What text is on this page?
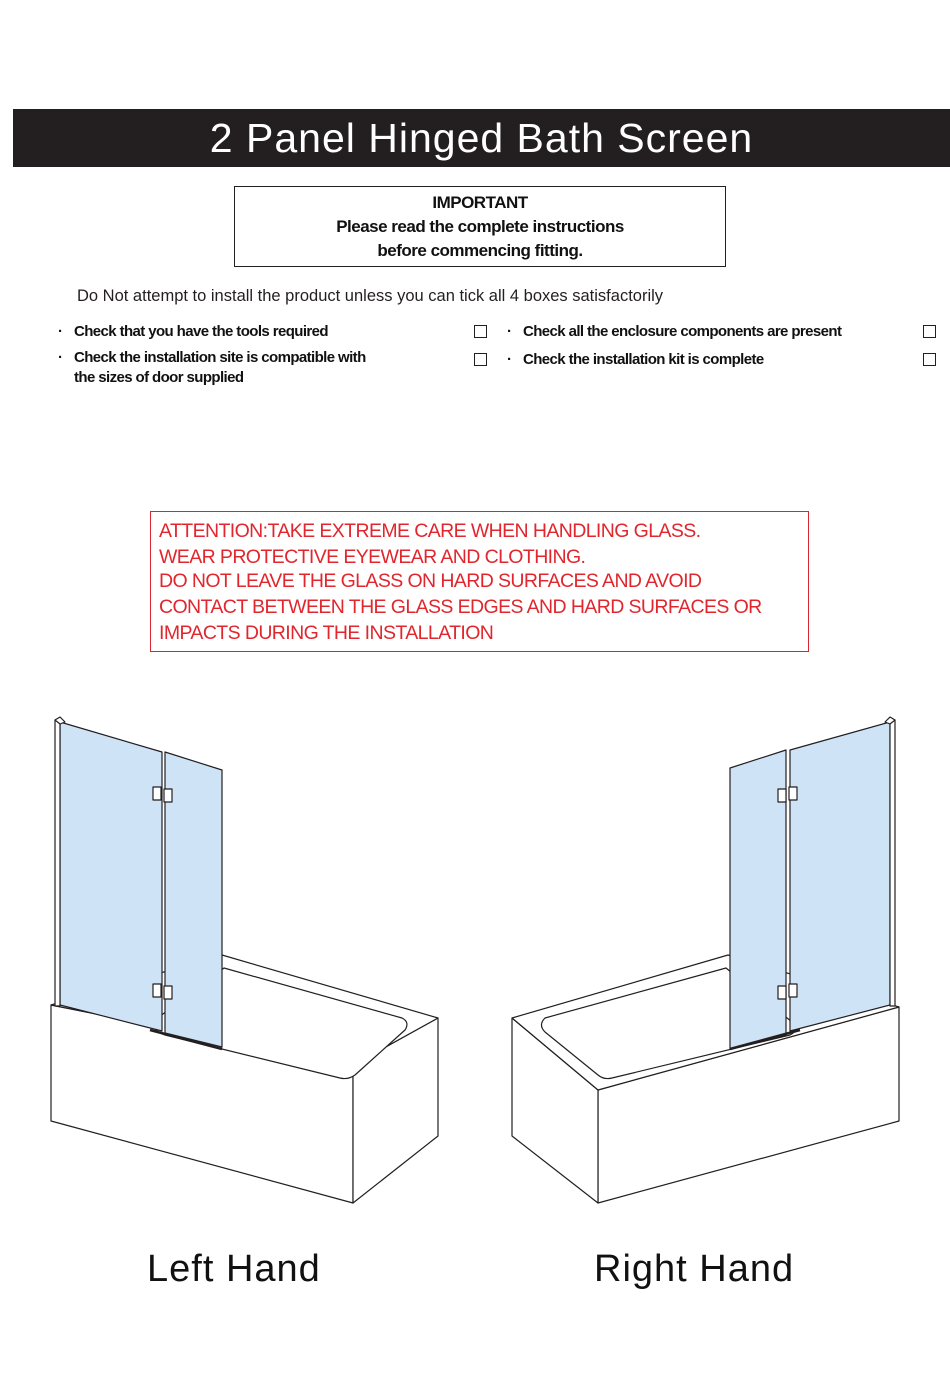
2 Panel Hinged Bath Screen
IMPORTANT
Please read the complete instructions
before commencing fitting.
Do Not attempt to install the product unless you can tick all 4 boxes satisfactorily
· Check that you have the tools required
· Check the installation site is compatible with
the sizes of door supplied
· Check all the enclosure components are present
· Check the installation kit is complete
ATTENTION:TAKE EXTREME CARE WHEN HANDLING GLASS.
WEAR PROTECTIVE EYEWEAR AND CLOTHING.
DO NOT LEAVE THE GLASS ON HARD SURFACES AND AVOID
CONTACT BETWEEN THE GLASS EDGES AND HARD SURFACES OR
IMPACTS DURING THE INSTALLATION
Left Hand	Right Hand
